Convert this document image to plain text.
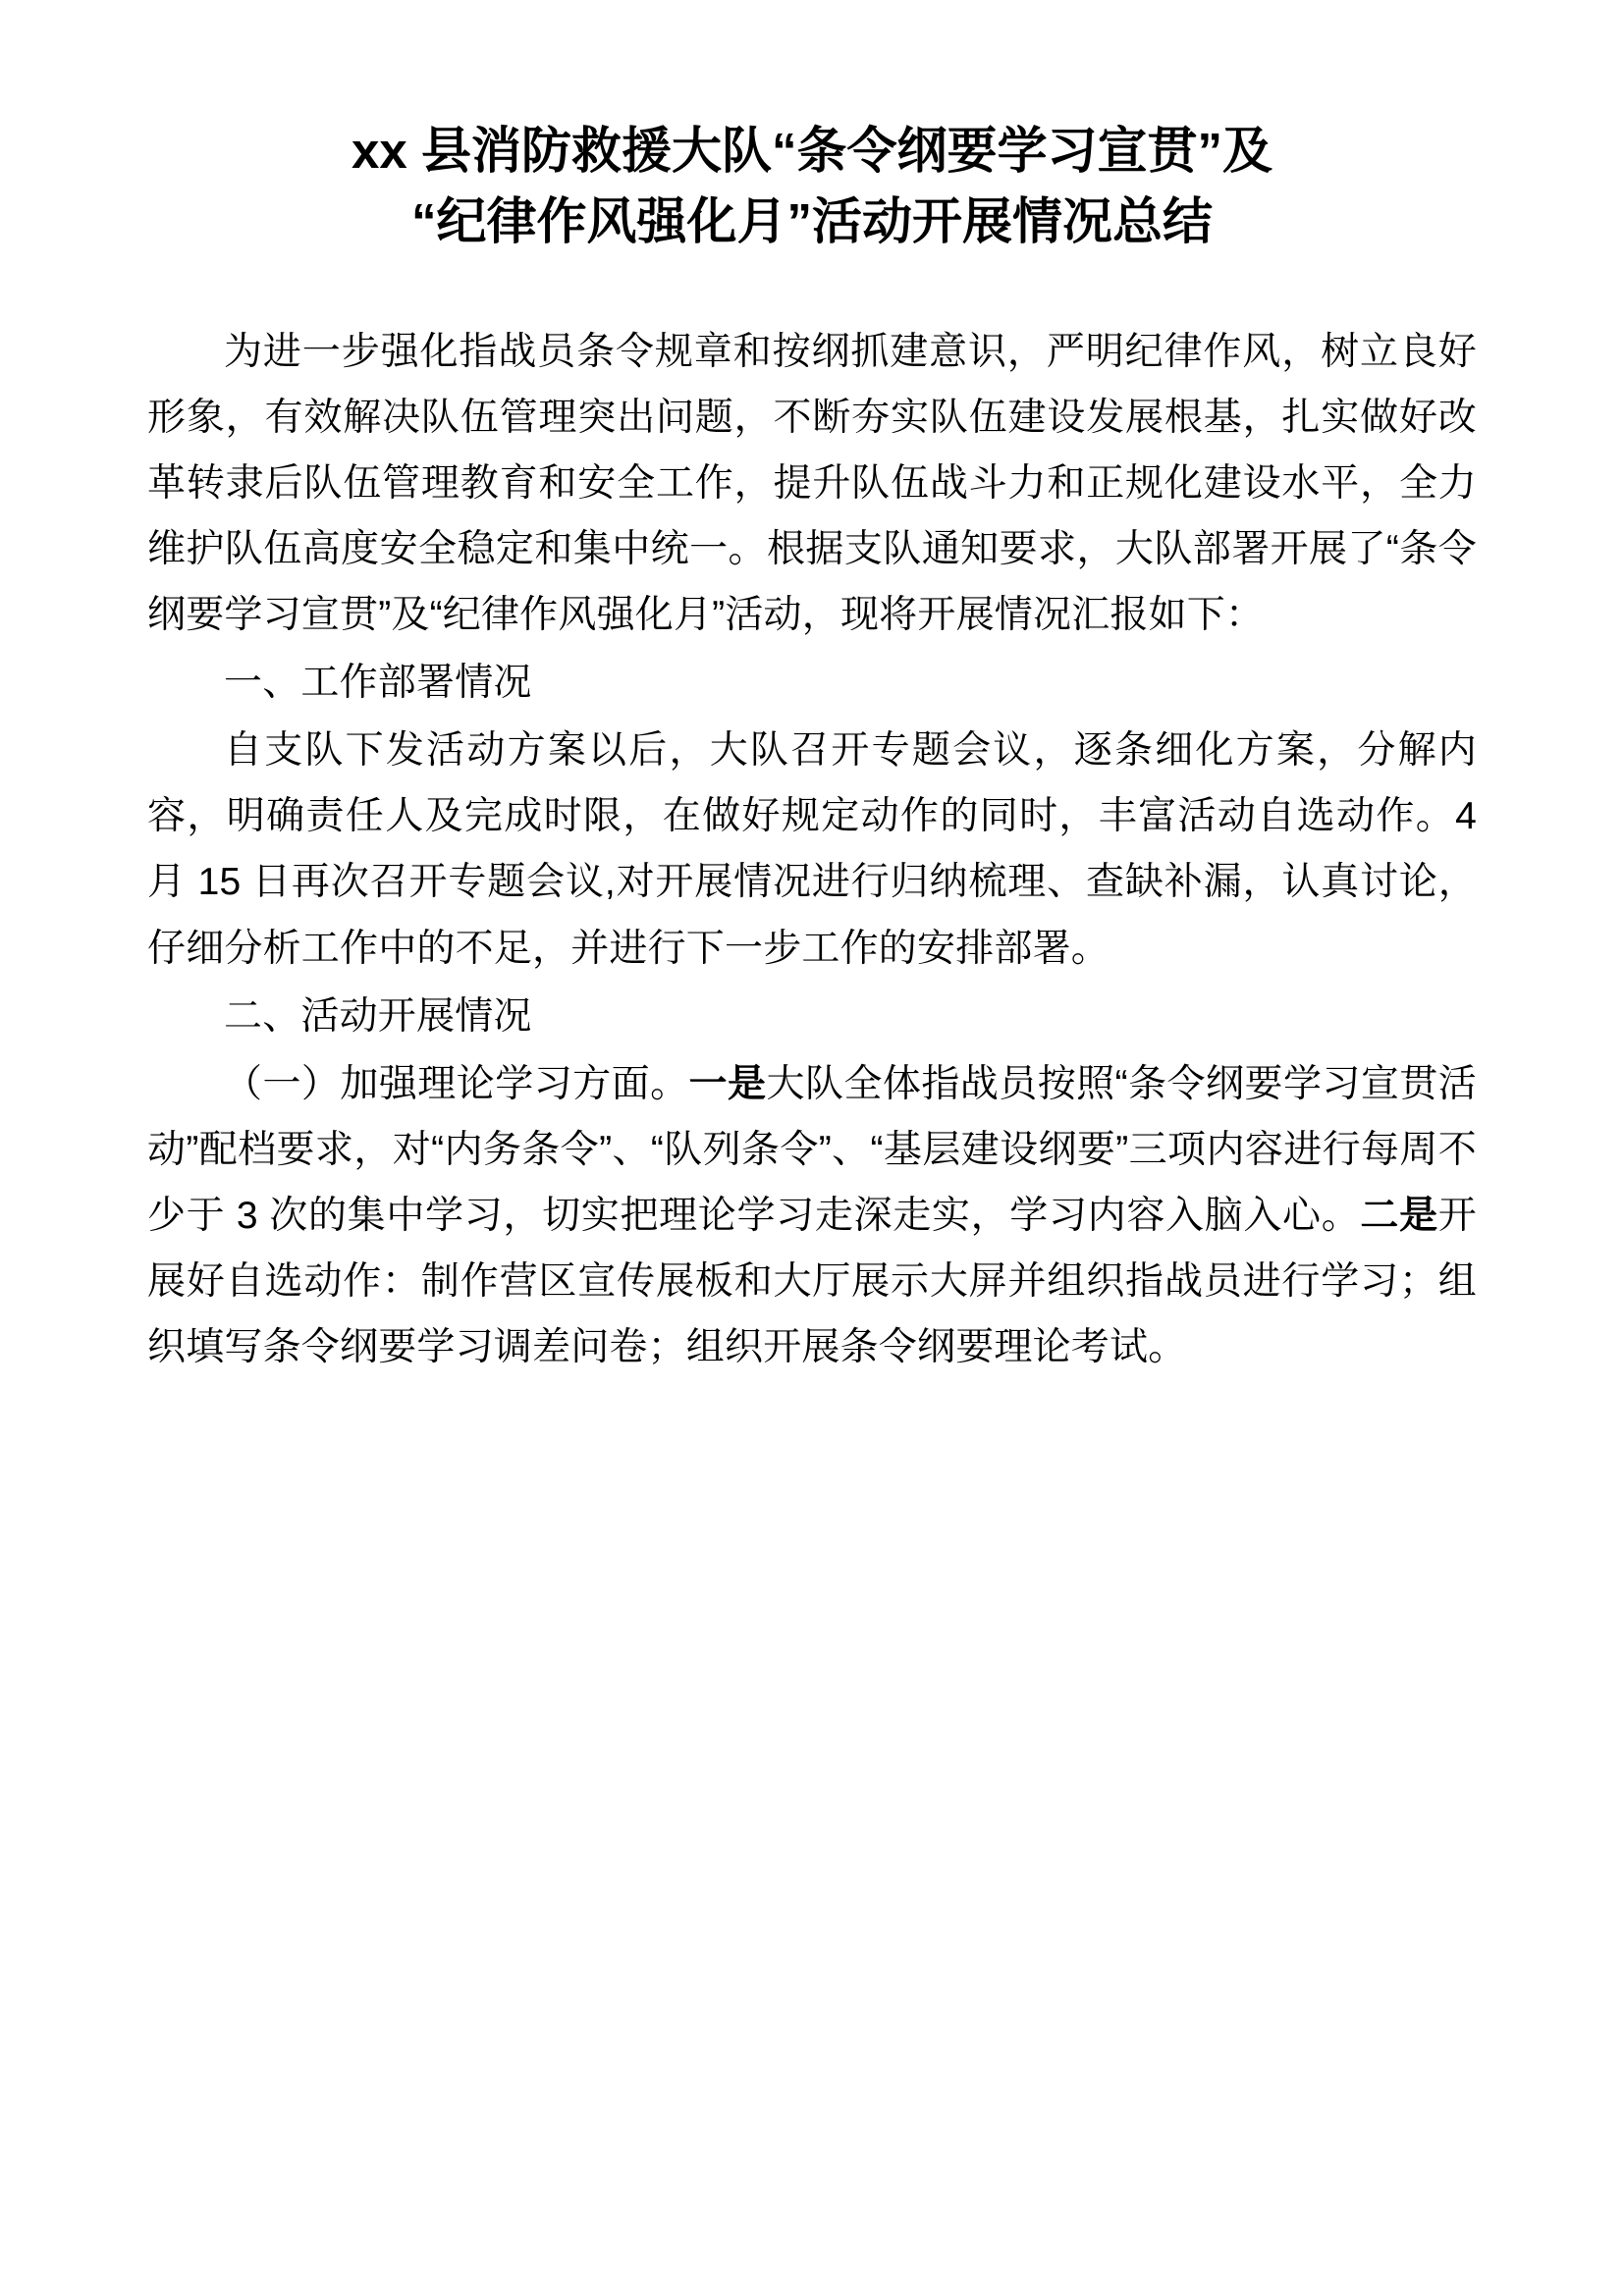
xx 县消防救援大队“条令纲要学习宣贯”及
“纪律作风强化月”活动开展情况总结

为进一步强化指战员条令规章和按纲抓建意识，严明纪律作风，树立良好形象，有效解决队伍管理突出问题，不断夯实队伍建设发展根基，扎实做好改革转隶后队伍管理教育和安全工作，提升队伍战斗力和正规化建设水平，全力维护队伍高度安全稳定和集中统一。根据支队通知要求，大队部署开展了“条令纲要学习宣贯”及“纪律作风强化月”活动，现将开展情况汇报如下：

一、工作部署情况

自支队下发活动方案以后，大队召开专题会议，逐条细化方案，分解内容，明确责任人及完成时限，在做好规定动作的同时，丰富活动自选动作。4 月 15 日再次召开专题会议,对开展情况进行归纳梳理、查缺补漏，认真讨论，仔细分析工作中的不足，并进行下一步工作的安排部署。

二、活动开展情况

（一）加强理论学习方面。一是大队全体指战员按照“条令纲要学习宣贯活动”配档要求，对“内务条令”、“队列条令”、“基层建设纲要”三项内容进行每周不少于 3 次的集中学习，切实把理论学习走深走实，学习内容入脑入心。二是开展好自选动作：制作营区宣传展板和大厅展示大屏并组织指战员进行学习；组织填写条令纲要学习调差问卷；组织开展条令纲要理论考试。
